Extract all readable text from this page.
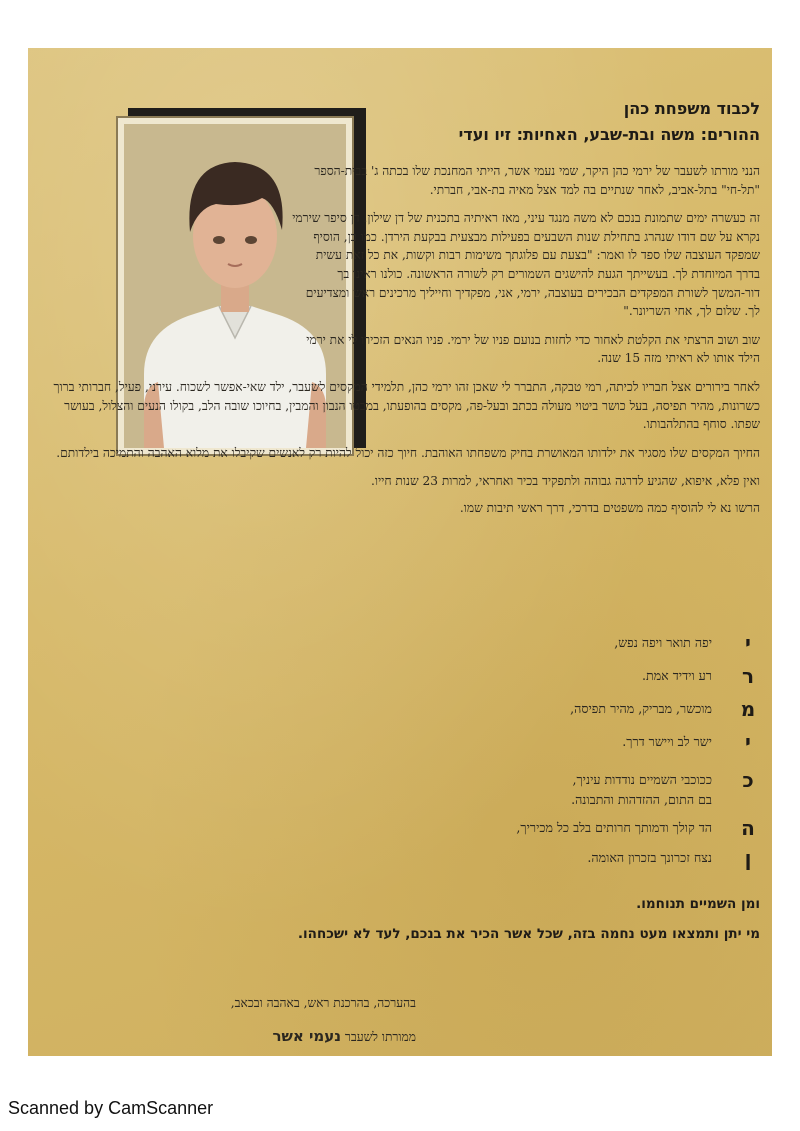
לכבוד משפחת כהן

ההורים: משה ובת-שבע, האחיות: זיו ועדי

הנני מורתו לשעבר של ירמי כהן היקר, שמי נעמי אשר, הייתי המחנכת שלו בכתה ג' בבית-הספר "תל-חי" בתל-אביב, לאחר שנתיים בה למד אצל מאיה בת-אבי, חברתי.

זה כעשרה ימים שתמונת בנכם לא משה מנגד עיני, מאז ראיתיה בתכנית של דן שילון. דן סיפר שירמי נקרא על שם דודו שנהרג בתחילת שנות השבעים בפעילות מבצעית בבקעת הירדן. כמו כן, הוסיף שמפקד העוצבה שלו ספד לו ואמר: "בצעת עם פלוגתך משימות רבות וקשות, את כל זאת עשית בדרך המיוחדת לך. בעשייתך הגעת להישגים השמורים רק לשורה הראשונה. כולנו ראינו בך דור-המשך לשורת המפקדים הבכירים בעוצבה, ירמי, אני, מפקדיך וחייליך מרכינים ראש ומצדיעים לך. שלום לך, אחי השריונר."

שוב ושוב הרצתי את הקלטת לאחור כדי לחזות בנועם פניו של ירמי. פניו הנאים הזכירו לי את ירמי הילד אותו לא ראיתי מזה 15 שנה.

לאחר בירורים אצל חבריו לכיתה, רמי טבקה, התברר לי שאכן זהו ירמי כהן, תלמידי המקסים לשעבר, ילד שאי-אפשר לשכוח. עירני, פעיל, חברותי ברוך כשרונות, מהיר תפיסה, בעל כושר ביטוי מעולה בכתב ובעל-פה, מקסים בהופעתו, במבטו הנבון והמבין, בחיוכו שובה הלב, בקולו הנעים והצלול, בעושר שפתו. סוחף בהתלהבותו.

החיוך המקסים שלו מסגיר את ילדותו המאושרת בחיק משפחתו האוהבת. חיוך כזה יכול להיות רק לאנשים שקיבלו את מלוא האהבה והתמיכה בילדותם.

ואין פלא, איפוא, שהגיע לדרגה גבוהה ולתפקיד בכיר ואחראי, למרות 23 שנות חייו.

הרשו נא לי להוסיף כמה משפטים בדרכי, דרך ראשי תיבות שמו.

י
יפה תואר ויפה נפש,
ר
רע וידיד אמת.
מ
מוכשר, מבריק, מהיר תפיסה,
י
ישר לב ויישר דרך.
כ
ככוכבי השמיים נודדות עיניך,
בם התום, ההזדהות והתבונה.
ה
הד קולך ודמותך חרותים בלב כל מכיריך,
ן
נצח זכרונך בזכרון האומה.

ומן השמיים תנוחמו.

מי יתן ותמצאו מעט נחמה בזה, שכל אשר הכיר את בנכם, לעד לא ישכחהו.

בהערכה, בהרכנת ראש, באהבה ובכאב,

ממורתו לשעבר נעמי אשר

Scanned by CamScanner
